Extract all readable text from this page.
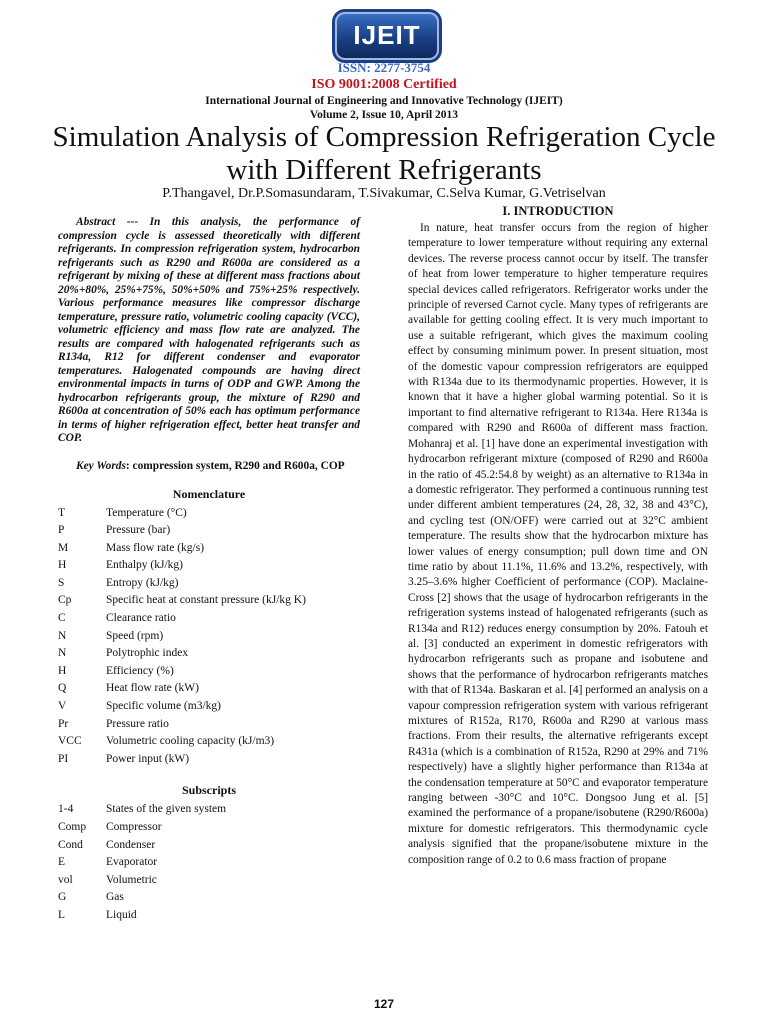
IJEIT
ISSN: 2277-3754
ISO 9001:2008 Certified
International Journal of Engineering and Innovative Technology (IJEIT)
Volume 2, Issue 10, April 2013
Simulation Analysis of Compression Refrigeration Cycle with Different Refrigerants
P.Thangavel, Dr.P.Somasundaram, T.Sivakumar, C.Selva Kumar, G.Vetriselvan

Abstract --- In this analysis, the performance of compression cycle is assessed theoretically with different refrigerants. In compression refrigeration system, hydrocarbon refrigerants such as R290 and R600a are considered as a refrigerant by mixing of these at different mass fractions about 20%+80%, 25%+75%, 50%+50% and 75%+25% respectively. Various performance measures like compressor discharge temperature, pressure ratio, volumetric cooling capacity (VCC), volumetric efficiency and mass flow rate are analyzed. The results are compared with halogenated refrigerants such as R134a, R12 for different condenser and evaporator temperatures. Halogenated compounds are having direct environmental impacts in turns of ODP and GWP. Among the hydrocarbon refrigerants group, the mixture of R290 and R600a at concentration of 50% each has optimum performance in terms of higher refrigeration effect, better heat transfer and COP.

Key Words: compression system, R290 and R600a, COP

Nomenclature
T	Temperature (°C)
P	Pressure (bar)
M	Mass flow rate (kg/s)
H	Enthalpy (kJ/kg)
S	Entropy (kJ/kg)
Cp	Specific heat at constant pressure (kJ/kg K)
C	Clearance ratio
N	Speed (rpm)
N	Polytrophic index
H	Efficiency (%)
Q	Heat flow rate (kW)
V	Specific volume (m3/kg)
Pr	Pressure ratio
VCC	Volumetric cooling capacity (kJ/m3)
PI	Power input (kW)
Subscripts
1-4	States of the given system
Comp	Compressor
Cond	Condenser
E	Evaporator
vol	Volumetric
G	Gas
L	Liquid
I. INTRODUCTION

In nature, heat transfer occurs from the region of higher temperature to lower temperature without requiring any external devices. The reverse process cannot occur by itself. The transfer of heat from lower temperature to higher temperature requires special devices called refrigerators. Refrigerator works under the principle of reversed Carnot cycle. Many types of refrigerants are available for getting cooling effect. It is very much important to use a suitable refrigerant, which gives the maximum cooling effect by consuming minimum power. In present situation, most of the domestic vapour compression refrigerators are equipped with R134a due to its thermodynamic properties. However, it is known that it have a higher global warming potential. So it is important to find alternative refrigerant to R134a. Here R134a is compared with R290 and R600a of different mass fraction. Mohanraj et al. [1] have done an experimental investigation with hydrocarbon refrigerant mixture (composed of R290 and R600a in the ratio of 45.2:54.8 by weight) as an alternative to R134a in a domestic refrigerator. They performed a continuous running test under different ambient temperatures (24, 28, 32, 38 and 43°C), and cycling test (ON/OFF) were carried out at 32°C ambient temperature. The results show that the hydrocarbon mixture has lower values of energy consumption; pull down time and ON time ratio by about 11.1%, 11.6% and 13.2%, respectively, with 3.25–3.6% higher Coefficient of performance (COP). Maclaine-Cross [2] shows that the usage of hydrocarbon refrigerants in the refrigeration systems instead of halogenated refrigerants (such as R134a and R12) reduces energy consumption by 20%. Fatouh et al. [3] conducted an experiment in domestic refrigerators with hydrocarbon refrigerants such as propane and isobutene and shows that the performance of hydrocarbon refrigerants matches with that of R134a. Baskaran et al. [4] performed an analysis on a vapour compression refrigeration system with various refrigerant mixtures of R152a, R170, R600a and R290 at various mass fractions. From their results, the alternative refrigerants except R431a (which is a combination of R152a, R290 at 29% and 71% respectively) have a slightly higher performance than R134a at the condensation temperature at 50°C and evaporator temperature ranging between -30°C and 10°C. Dongsoo Jung et al. [5] examined the performance of a propane/isobutene (R290/R600a) mixture for domestic refrigerators. This thermodynamic cycle analysis signified that the propane/isobutene mixture in the composition range of 0.2 to 0.6 mass fraction of propane

127
